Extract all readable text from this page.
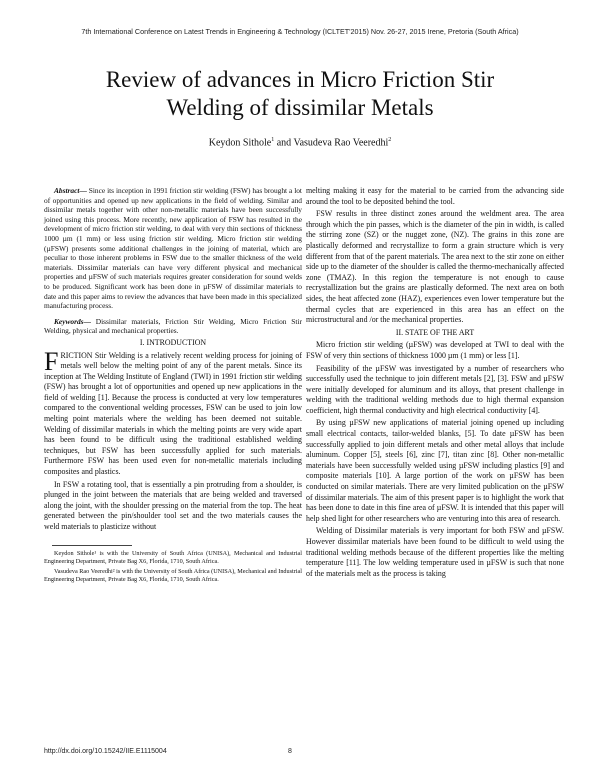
7th International Conference on Latest Trends in Engineering & Technology (ICLTET'2015) Nov. 26-27, 2015 Irene, Pretoria (South Africa)
Review of advances in Micro Friction Stir
Welding of dissimilar Metals
Keydon Sithole$^1$ and Vasudeva Rao Veeredhi$^2$

Abstract— Since its inception in 1991 friction stir welding (FSW) has brought a lot of opportunities and opened up new applications in the field of welding. Similar and dissimilar metals together with other non-metallic materials have been successfully joined using this process. More recently, new application of FSW has resulted in the development of micro friction stir welding, to deal with very thin sections of thickness 1000 µm (1 mm) or less using friction stir welding. Micro friction stir welding (µFSW) presents some additional challenges in the joining of material, which are peculiar to those inherent problems in FSW due to the smaller thickness of the weld materials. Dissimilar materials can have very different physical and mechanical properties and µFSW of such materials requires greater consideration for sound welds to be produced. Significant work has been done in µFSW of dissimilar materials to date and this paper aims to review the advances that have been made in this specialized manufacturing process.

Keywords— Dissimilar materials, Friction Stir Welding, Micro Friction Stir Welding, physical and mechanical properties.

I. INTRODUCTION

FRICTION Stir Welding is a relatively recent welding process for joining of metals well below the melting point of any of the parent metals. Since its inception at The Welding Institute of England (TWI) in 1991 friction stir welding (FSW) has brought a lot of opportunities and opened up new applications in the field of welding [1]. Because the process is conducted at very low temperatures compared to the conventional welding processes, FSW can be used to join low melting point materials where the welding has been deemed not suitable. Welding of dissimilar materials in which the melting points are very wide apart has been found to be difficult using the traditional established welding techniques, but FSW has been successfully applied for such materials. Furthermore FSW has been used even for non-metallic materials including composites and plastics.

In FSW a rotating tool, that is essentially a pin protruding from a shoulder, is plunged in the joint between the materials that are being welded and traversed along the joint, with the shoulder pressing on the material from the top. The heat generated between the pin/shoulder tool set and the two materials causes the weld materials to plasticize without

Keydon Sithole¹ is with the University of South Africa (UNISA), Mechanical and Industrial Engineering Department, Private Bag X6, Florida, 1710, South Africa.

Vasudeva Rao Veeredhi² is with the University of South Africa (UNISA), Mechanical and Industrial Engineering Department, Private Bag X6, Florida, 1710, South Africa.

melting making it easy for the material to be carried from the advancing side around the tool to be deposited behind the tool.

FSW results in three distinct zones around the weldment area. The area through which the pin passes, which is the diameter of the pin in width, is called the stirring zone (SZ) or the nugget zone, (NZ). The grains in this zone are plastically deformed and recrystallize to form a grain structure which is very different from that of the parent materials. The area next to the stir zone on either side up to the diameter of the shoulder is called the thermo-mechanically affected zone (TMAZ). In this region the temperature is not enough to cause recrystallization but the grains are plastically deformed. The next area on both sides, the heat affected zone (HAZ), experiences even lower temperature but the thermal cycles that are experienced in this area has an effect on the microstructural and /or the mechanical properties.

II. STATE OF THE ART

Micro friction stir welding (µFSW) was developed at TWI to deal with the FSW of very thin sections of thickness 1000 µm (1 mm) or less [1].

Feasibility of the µFSW was investigated by a number of researchers who successfully used the technique to join different metals [2], [3]. FSW and µFSW were initially developed for aluminum and its alloys, that present challenge in welding with the traditional welding methods due to high thermal expansion coefficient, high thermal conductivity and high electrical conductivity [4].

By using µFSW new applications of material joining opened up including small electrical contacts, tailor-welded blanks, [5]. To date µFSW has been successfully applied to join different metals and other metal alloys that include aluminum. Copper [5], steels [6], zinc [7], titan zinc [8]. Other non-metallic materials have been successfully welded using µFSW including plastics [9] and composite materials [10]. A large portion of the work on µFSW has been conducted on similar materials. There are very limited publication on the µFSW of dissimilar materials. The aim of this present paper is to highlight the work that has been done to date in this fine area of µFSW. It is intended that this paper will help shed light for other researchers who are venturing into this area of research.

Welding of Dissimilar materials is very important for both FSW and µFSW. However dissimilar materials have been found to be difficult to weld using the traditional welding methods because of the different properties like the melting temperature [11]. The low welding temperature used in µFSW is such that none of the materials melt as the process is taking

http://dx.doi.org/10.15242/IIE.E1115004	8
